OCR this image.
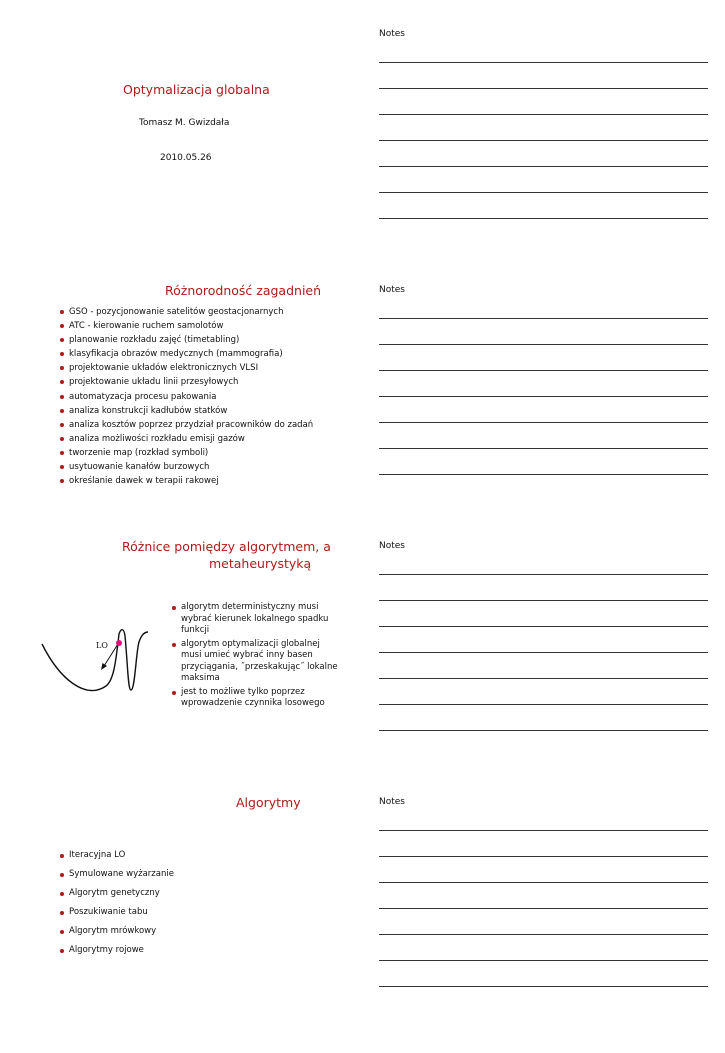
Optymalizacja globalna
Tomasz M. Gwizdała
2010.05.26
Notes
Różnorodność zagadnień
GSO - pozycjonowanie satelitów geostacjonarnych
ATC - kierowanie ruchem samolotów
planowanie rozkładu zajęć (timetabling)
klasyfikacja obrazów medycznych (mammografia)
projektowanie układów elektronicznych VLSI
projektowanie układu linii przesyłowych
automatyzacja procesu pakowania
analiza konstrukcji kadłubów statków
analiza kosztów poprzez przydział pracowników do zadań
analiza możliwości rozkładu emisji gazów
tworzenie map (rozkład symboli)
usytuowanie kanałów burzowych
określanie dawek w terapii rakowej
Notes
Różnice pomiędzy algorytmem, a
metaheurystyką
LO
algorytm deterministyczny musi wybrać kierunek lokalnego spadku funkcji
algorytm optymalizacji globalnej musi umieć wybrać inny basen przyciągania, ˝przeskakując˝ lokalne maksima
jest to możliwe tylko poprzez wprowadzenie czynnika losowego
Notes
Algorytmy
Iteracyjna LO
Symulowane wyżarzanie
Algorytm genetyczny
Poszukiwanie tabu
Algorytm mrówkowy
Algorytmy rojowe
Notes
